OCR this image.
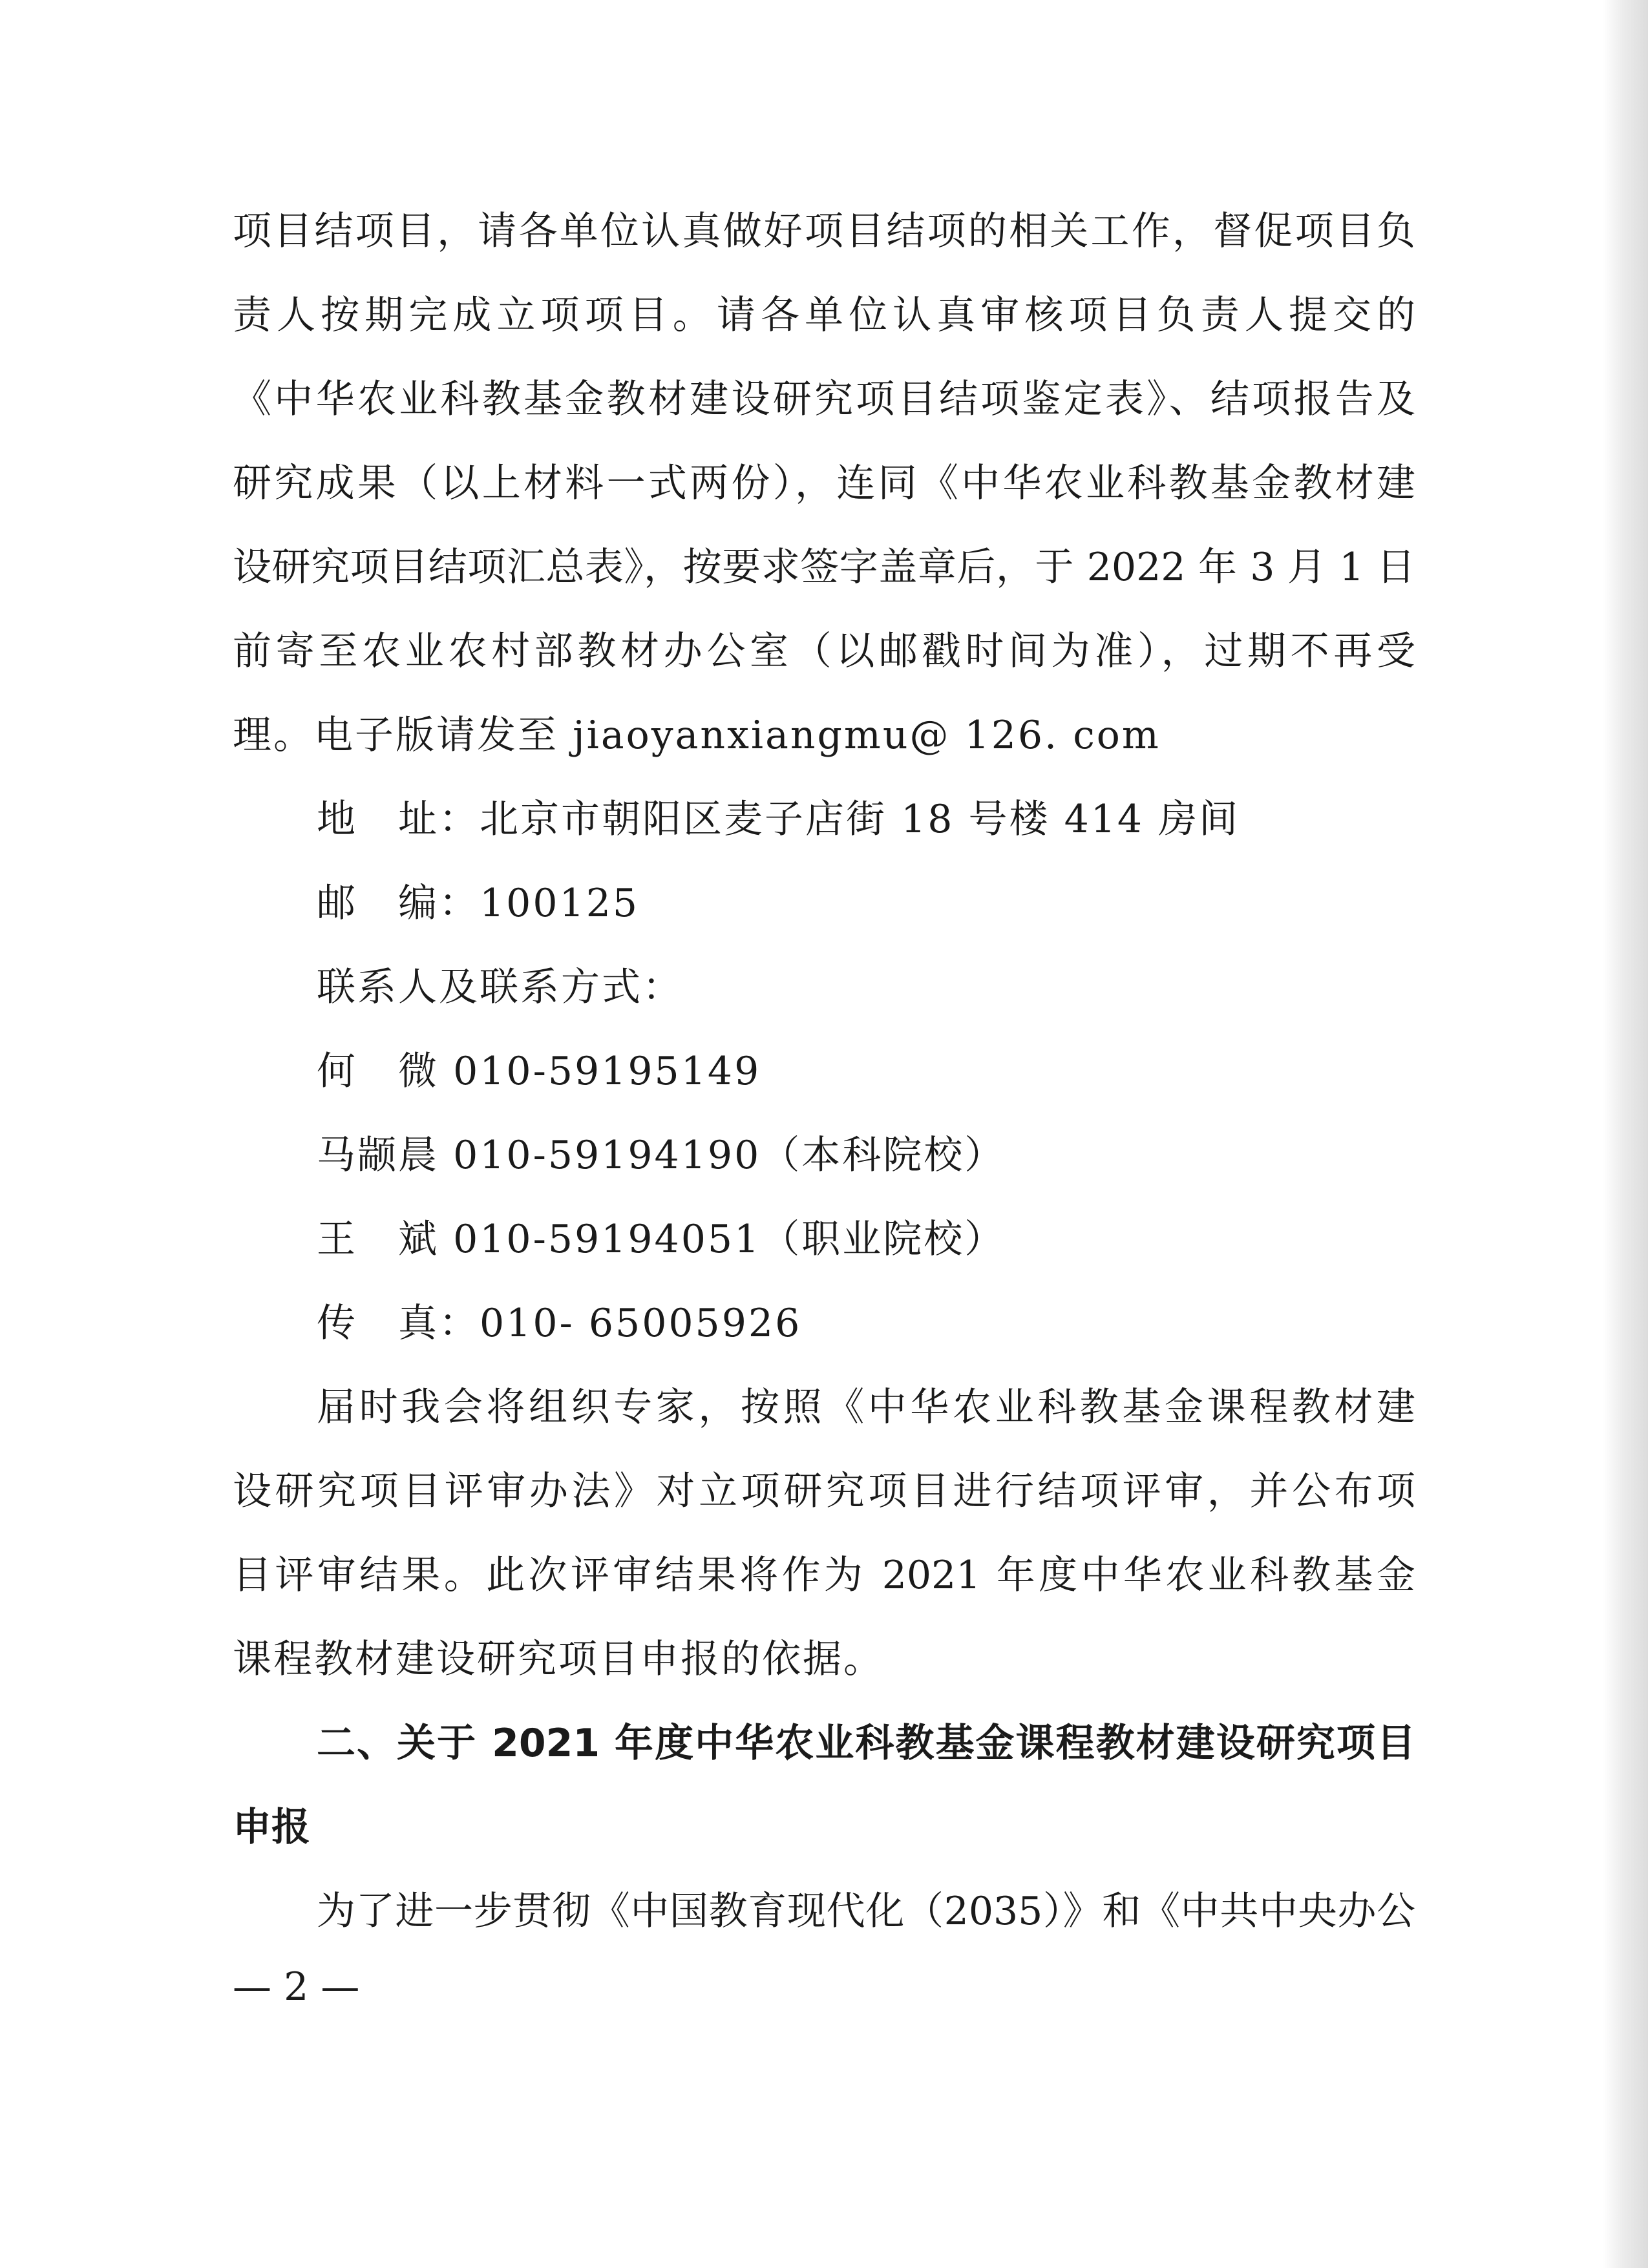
项目结项目，请各单位认真做好项目结项的相关工作，督促项目负
责人按期完成立项项目。请各单位认真审核项目负责人提交的
《中华农业科教基金教材建设研究项目结项鉴定表》、结项报告及
研究成果（以上材料一式两份），连同《中华农业科教基金教材建
设研究项目结项汇总表》，按要求签字盖章后，于 2022 年 3 月 1 日
前寄至农业农村部教材办公室（以邮戳时间为准），过期不再受
理。电子版请发至 jiaoyanxiangmu@ 126. com
地　址：北京市朝阳区麦子店街 18 号楼 414 房间
邮　编：100125
联系人及联系方式：
何　微 010-59195149
马颛晨 010-59194190（本科院校）
王　斌 010-59194051（职业院校）
传　真：010- 65005926
届时我会将组织专家，按照《中华农业科教基金课程教材建
设研究项目评审办法》对立项研究项目进行结项评审，并公布项
目评审结果。此次评审结果将作为 2021 年度中华农业科教基金
课程教材建设研究项目申报的依据。
二、关于 2021 年度中华农业科教基金课程教材建设研究项目
申报
为了进一步贯彻《中国教育现代化（2035）》和《中共中央办公
— 2 —
